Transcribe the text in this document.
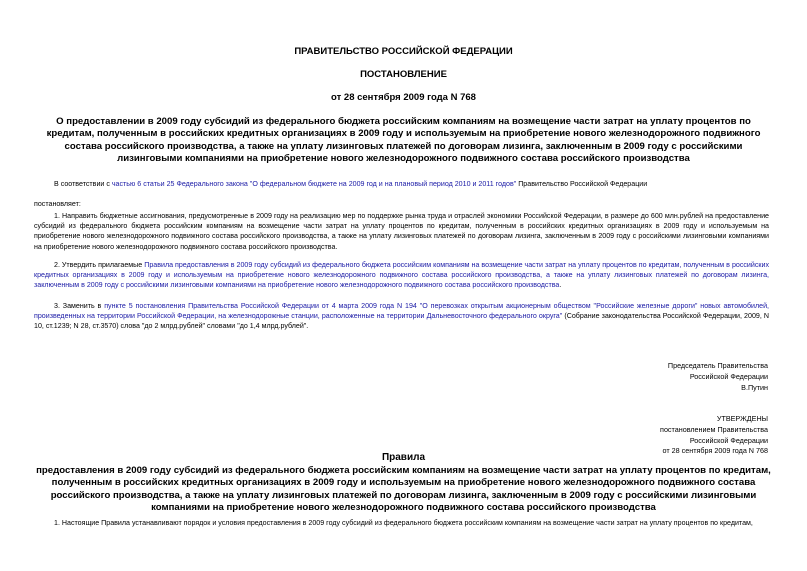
ПРАВИТЕЛЬСТВО РОССИЙСКОЙ ФЕДЕРАЦИИ
ПОСТАНОВЛЕНИЕ
от 28 сентября 2009 года N 768
О предоставлении в 2009 году субсидий из федерального бюджета российским компаниям на возмещение части затрат на уплату процентов по кредитам, полученным в российских кредитных организациях в 2009 году и используемым на приобретение нового железнодорожного подвижного состава российского производства, а также на уплату лизинговых платежей по договорам лизинга, заключенным в 2009 году с российскими лизинговыми компаниями на приобретение нового железнодорожного подвижного состава российского производства
В соответствии с частью 6 статьи 25 Федерального закона "О федеральном бюджете на 2009 год и на плановый период 2010 и 2011 годов" Правительство Российской Федерации
постановляет:
1. Направить бюджетные ассигнования, предусмотренные в 2009 году на реализацию мер по поддержке рынка труда и отраслей экономики Российской Федерации, в размере до 600 млн.рублей на предоставление субсидий из федерального бюджета российским компаниям на возмещение части затрат на уплату процентов по кредитам, полученным в российских кредитных организациях в 2009 году и используемым на приобретение нового железнодорожного подвижного состава российского производства, а также на уплату лизинговых платежей по договорам лизинга, заключенным в 2009 году с российскими лизинговыми компаниями на приобретение нового железнодорожного подвижного состава российского производства.
2. Утвердить прилагаемые Правила предоставления в 2009 году субсидий из федерального бюджета российским компаниям на возмещение части затрат на уплату процентов по кредитам, полученным в российских кредитных организациях в 2009 году и используемым на приобретение нового железнодорожного подвижного состава российского производства, а также на уплату лизинговых платежей по договорам лизинга, заключенным в 2009 году с российскими лизинговыми компаниями на приобретение нового железнодорожного подвижного состава российского производства.
3. Заменить в пункте 5 постановления Правительства Российской Федерации от 4 марта 2009 года N 194 "О перевозках открытым акционерным обществом "Российские железные дороги" новых автомобилей, произведенных на территории Российской Федерации, на железнодорожные станции, расположенные на территории Дальневосточного федерального округа" (Собрание законодательства Российской Федерации, 2009, N 10, ст.1239; N 28, ст.3570) слова "до 2 млрд.рублей" словами "до 1,4 млрд.рублей".
Председатель Правительства
Российской Федерации
В.Путин
УТВЕРЖДЕНЫ
постановлением Правительства
Российской Федерации
от 28 сентября 2009 года N 768
Правила
предоставления в 2009 году субсидий из федерального бюджета российским компаниям на возмещение части затрат на уплату процентов по кредитам, полученным в российских кредитных организациях в 2009 году и используемым на приобретение нового железнодорожного подвижного состава российского производства, а также на уплату лизинговых платежей по договорам лизинга, заключенным в 2009 году с российскими лизинговыми компаниями на приобретение нового железнодорожного подвижного состава российского производства
1. Настоящие Правила устанавливают порядок и условия предоставления в 2009 году субсидий из федерального бюджета российским компаниям на возмещение части затрат на уплату процентов по кредитам,
